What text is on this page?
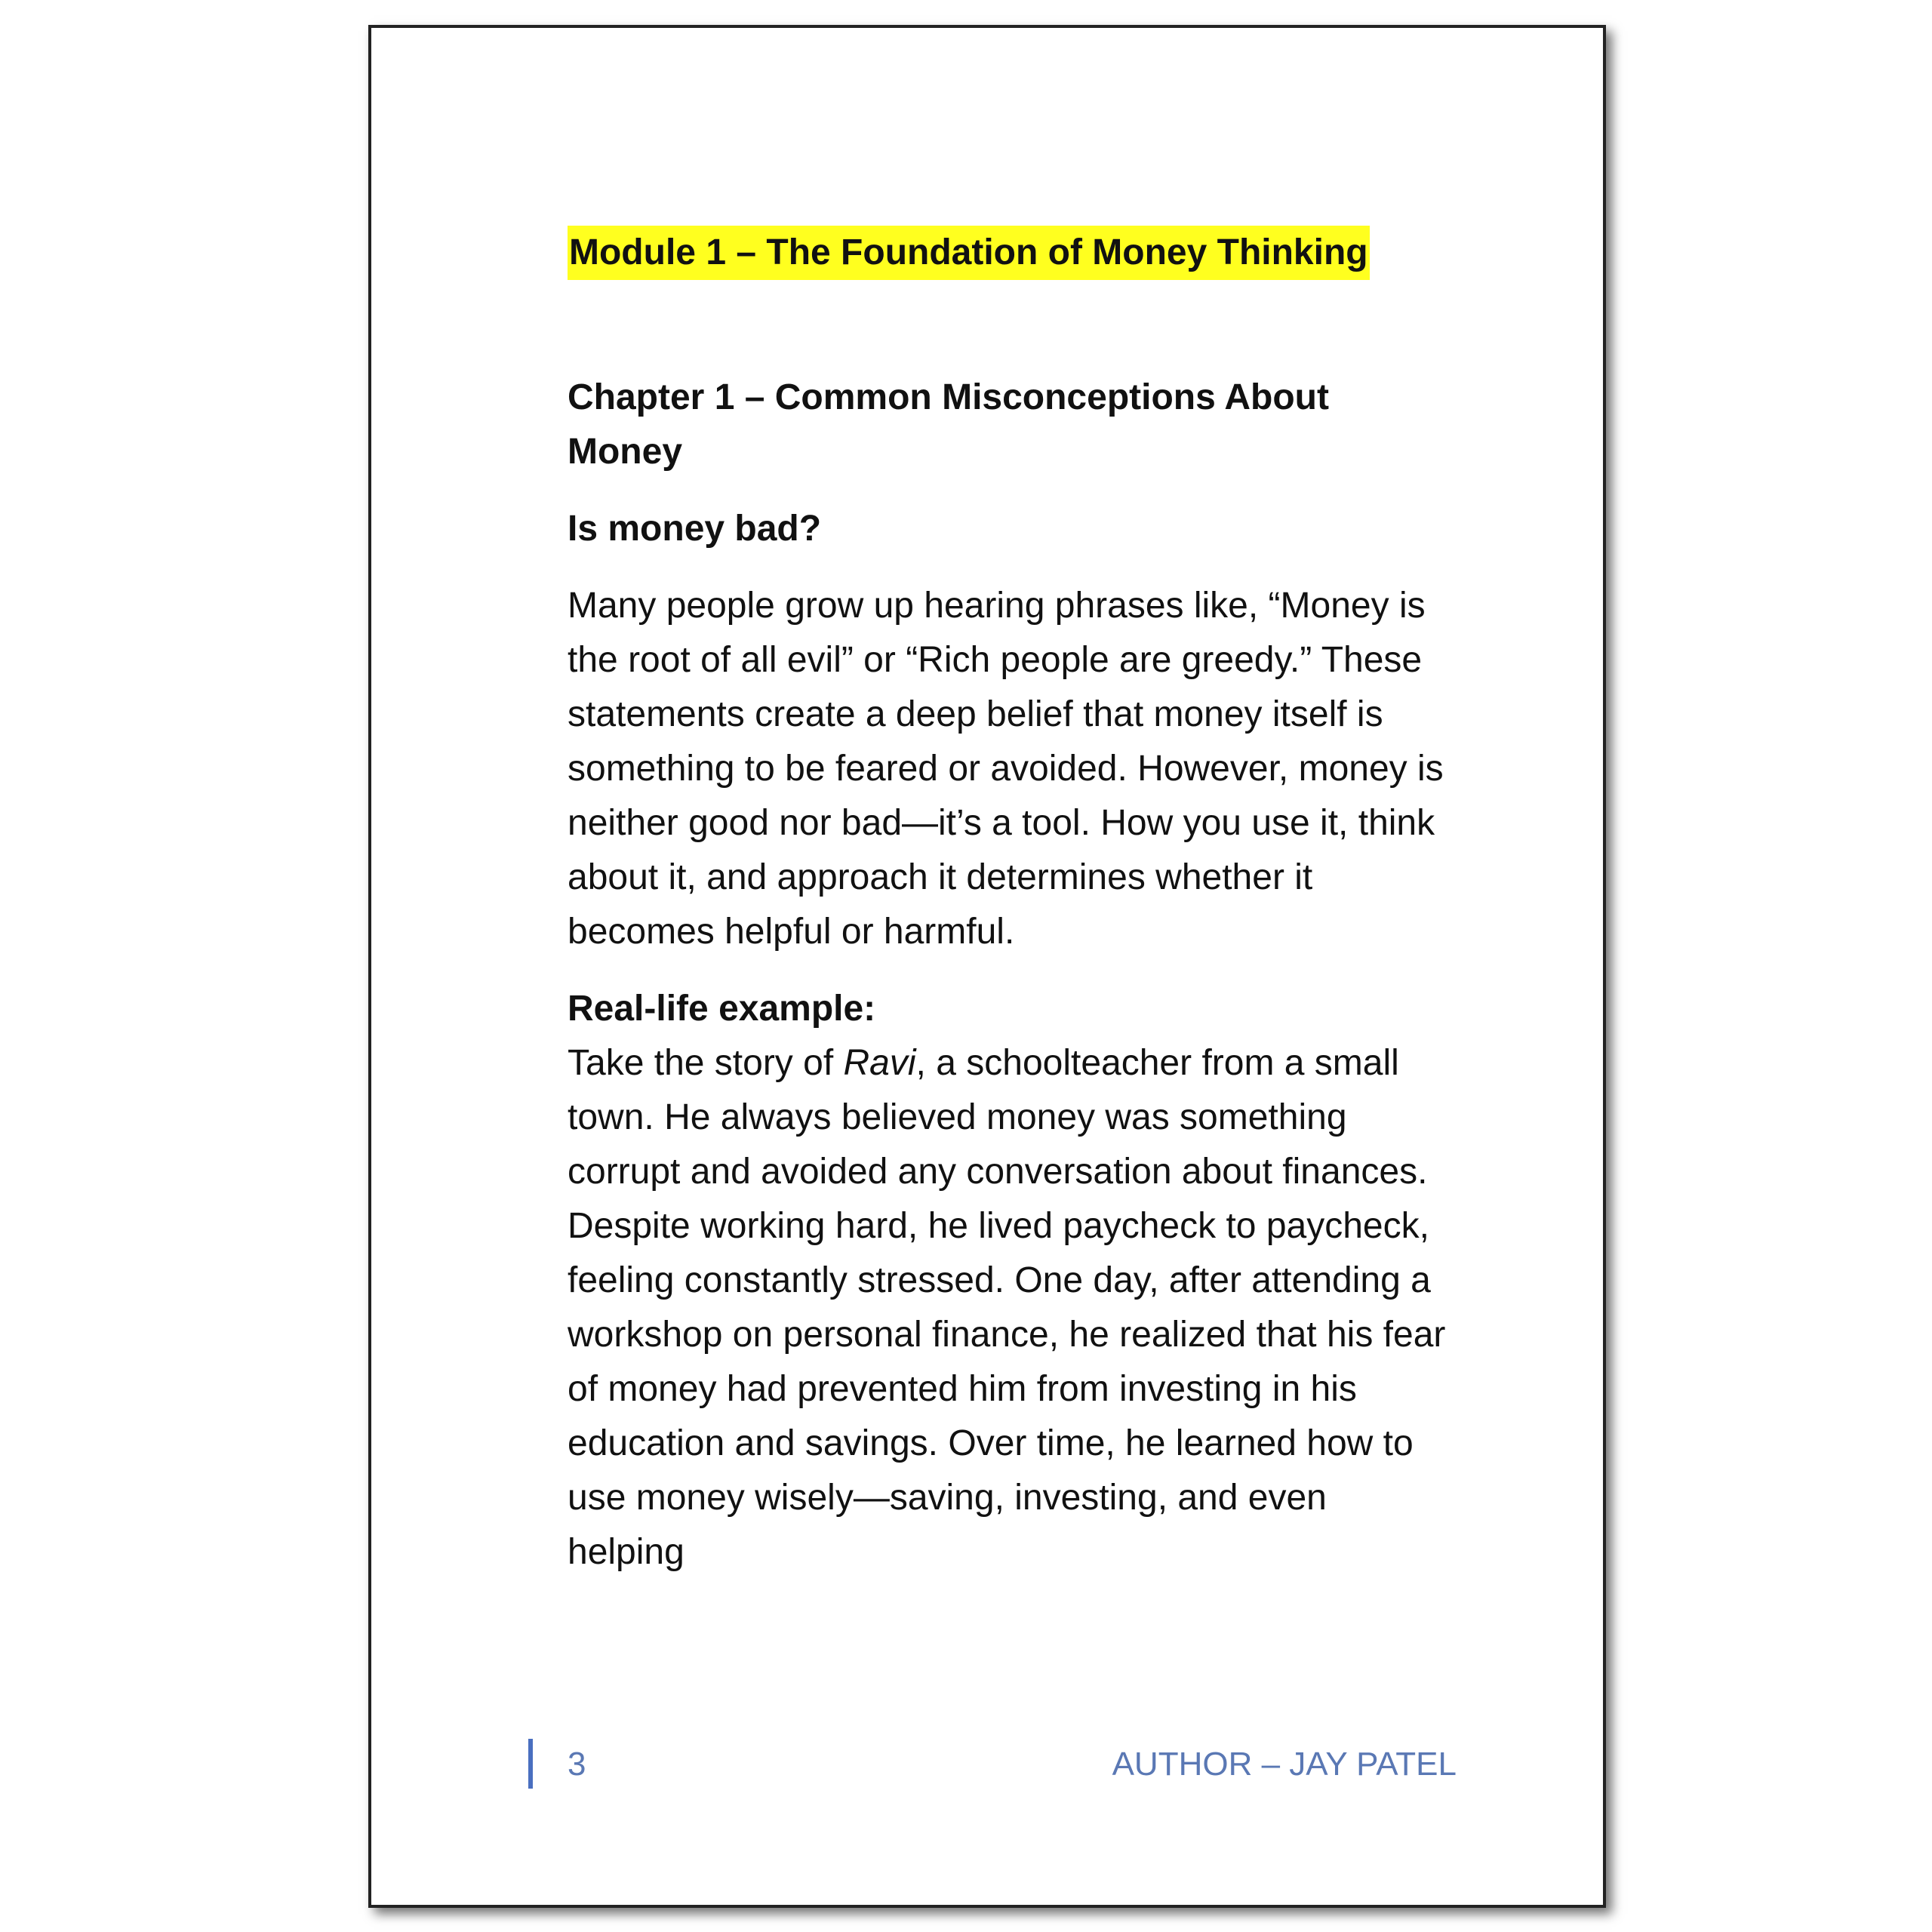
Module 1 – The Foundation of Money Thinking
Chapter 1 – Common Misconceptions About Money
Is money bad?

Many people grow up hearing phrases like, “Money is the root of all evil” or “Rich people are greedy.” These statements create a deep belief that money itself is something to be feared or avoided. However, money is neither good nor bad—it’s a tool. How you use it, think about it, and approach it determines whether it becomes helpful or harmful.

Real-life example:

Take the story of Ravi, a schoolteacher from a small town. He always believed money was something corrupt and avoided any conversation about finances. Despite working hard, he lived paycheck to paycheck, feeling constantly stressed. One day, after attending a workshop on personal finance, he realized that his fear of money had prevented him from investing in his education and savings. Over time, he learned how to use money wisely—saving, investing, and even helping

3	AUTHOR – JAY PATEL
